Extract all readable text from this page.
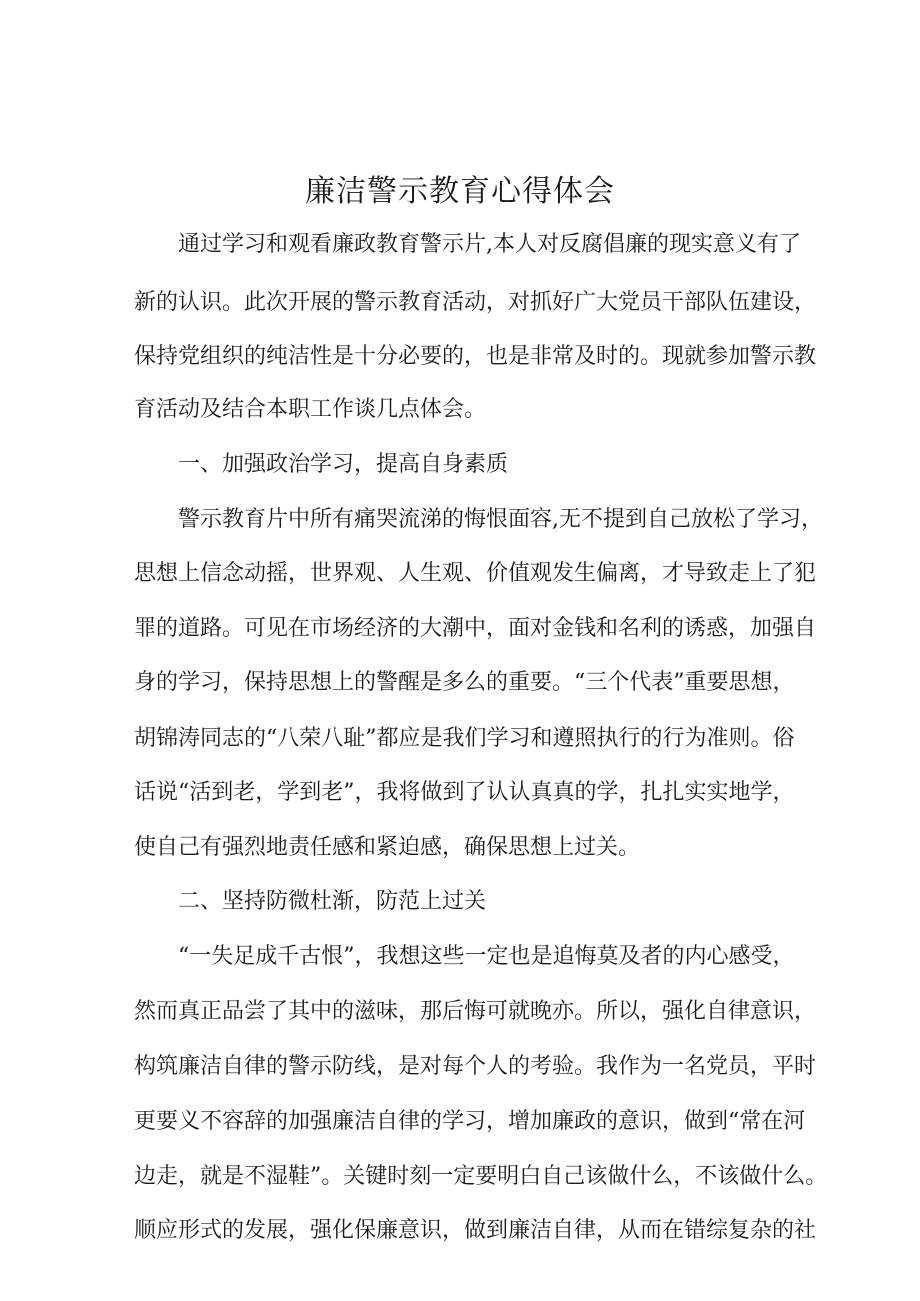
廉洁警示教育心得体会
通过学习和观看廉政教育警示片,本人对反腐倡廉的现实意义有了
新的认识。此次开展的警示教育活动，对抓好广大党员干部队伍建设，
保持党组织的纯洁性是十分必要的，也是非常及时的。现就参加警示教
育活动及结合本职工作谈几点体会。
一、加强政治学习，提高自身素质
警示教育片中所有痛哭流涕的悔恨面容,无不提到自己放松了学习，
思想上信念动摇，世界观、人生观、价值观发生偏离，才导致走上了犯
罪的道路。可见在市场经济的大潮中，面对金钱和名利的诱惑，加强自
身的学习，保持思想上的警醒是多么的重要。“三个代表”重要思想，
胡锦涛同志的“八荣八耻”都应是我们学习和遵照执行的行为准则。俗
话说“活到老，学到老”，我将做到了认认真真的学，扎扎实实地学，
使自己有强烈地责任感和紧迫感，确保思想上过关。
二、坚持防微杜渐，防范上过关
“一失足成千古恨”，我想这些一定也是追悔莫及者的内心感受，
然而真正品尝了其中的滋味，那后悔可就晚亦。所以，强化自律意识，
构筑廉洁自律的警示防线，是对每个人的考验。我作为一名党员，平时
更要义不容辞的加强廉洁自律的学习，增加廉政的意识，做到“常在河
边走，就是不湿鞋”。关键时刻一定要明白自己该做什么，不该做什么。
顺应形式的发展，强化保廉意识，做到廉洁自律，从而在错综复杂的社
